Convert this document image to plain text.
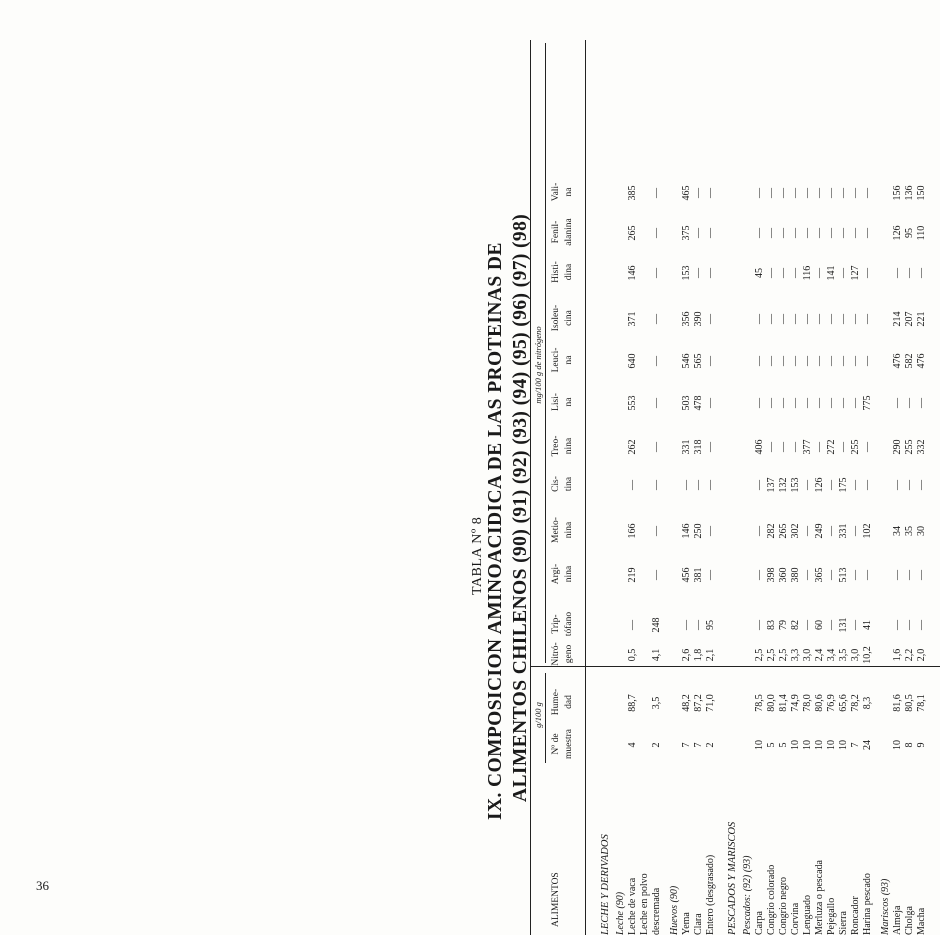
36
TABLA Nº 8 IX. COMPOSICION AMINOACIDICA DE LAS PROTEINAS DE ALIMENTOS CHILENOS (90) (91) (92) (93) (94) (95) (96) (97) (98) g/100 g
mg/100 g de nitrógeno
ALIMENTOS
Nº de muestra
Hume- dad
Nitró- geno
Trip- tófano
Argi- nina
Metio- nina
Cis- tina
Treo- nina
Lisi- na
Leuci- na
Isoleu- cina
Histi- dina
Fenil- alanina
Vali- na
LECHE Y DERIVADOS Leche (90) Leche de vaca
4
88,7
0,5
—
219
166
—
262
553
640
371
146
265
385
Leche en polvo descremada
2
3,5
4,1
248
—
—
—
—
—
—
—
—
—
—
Huevos (90) Yema
7
48,2
2,6
—
456
146
—
331
503
546
356
153
375
465
Clara
7
87,2
1,8
—
381
250
—
318
478
565
390
—
—
—
Entero (desgrasado)
2
71,0
2,1
95
—
—
—
—
—
—
—
—
—
—
PESCADOS Y MARISCOS Pescados: (92) (93) Carpa
10
78,5
2,5
—
—
—
—
406
—
—
—
45
—
—
Congrio colorado
5
80,0
2,5
83
398
282
137
—
—
—
—
—
—
—
Congrio negro
5
81,4
2,5
79
360
265
132
—
—
—
—
—
—
—
Corvina
10
74,9
3,3
82
380
302
153
—
—
—
—
—
—
—
Lenguado
10
78,0
3,0
—
—
—
—
377
—
—
—
116
—
—
Merluza o pescada
10
80,6
2,4
60
365
249
126
—
—
—
—
—
—
—
Pejegallo
10
76,9
3,4
—
—
—
—
272
—
—
—
141
—
—
Sierra
10
65,6
3,5
131
513
331
175
—
—
—
—
—
—
—
Roncador
7
78,2
3,0
—
—
—
—
255
—
—
—
127
—
—
Harina pescado
24
8,3
10,2
41
—
102
—
—
775
—
—
—
—
—
Mariscos (93) Almeja
10
81,6
1,6
—
—
34
—
290
—
476
214
—
126
156
Cholga
8
80,5
2,2
—
—
35
—
255
—
582
207
—
95
136
Macha
9
78,1
2,0
—
—
30
—
332
—
476
221
—
110
150
